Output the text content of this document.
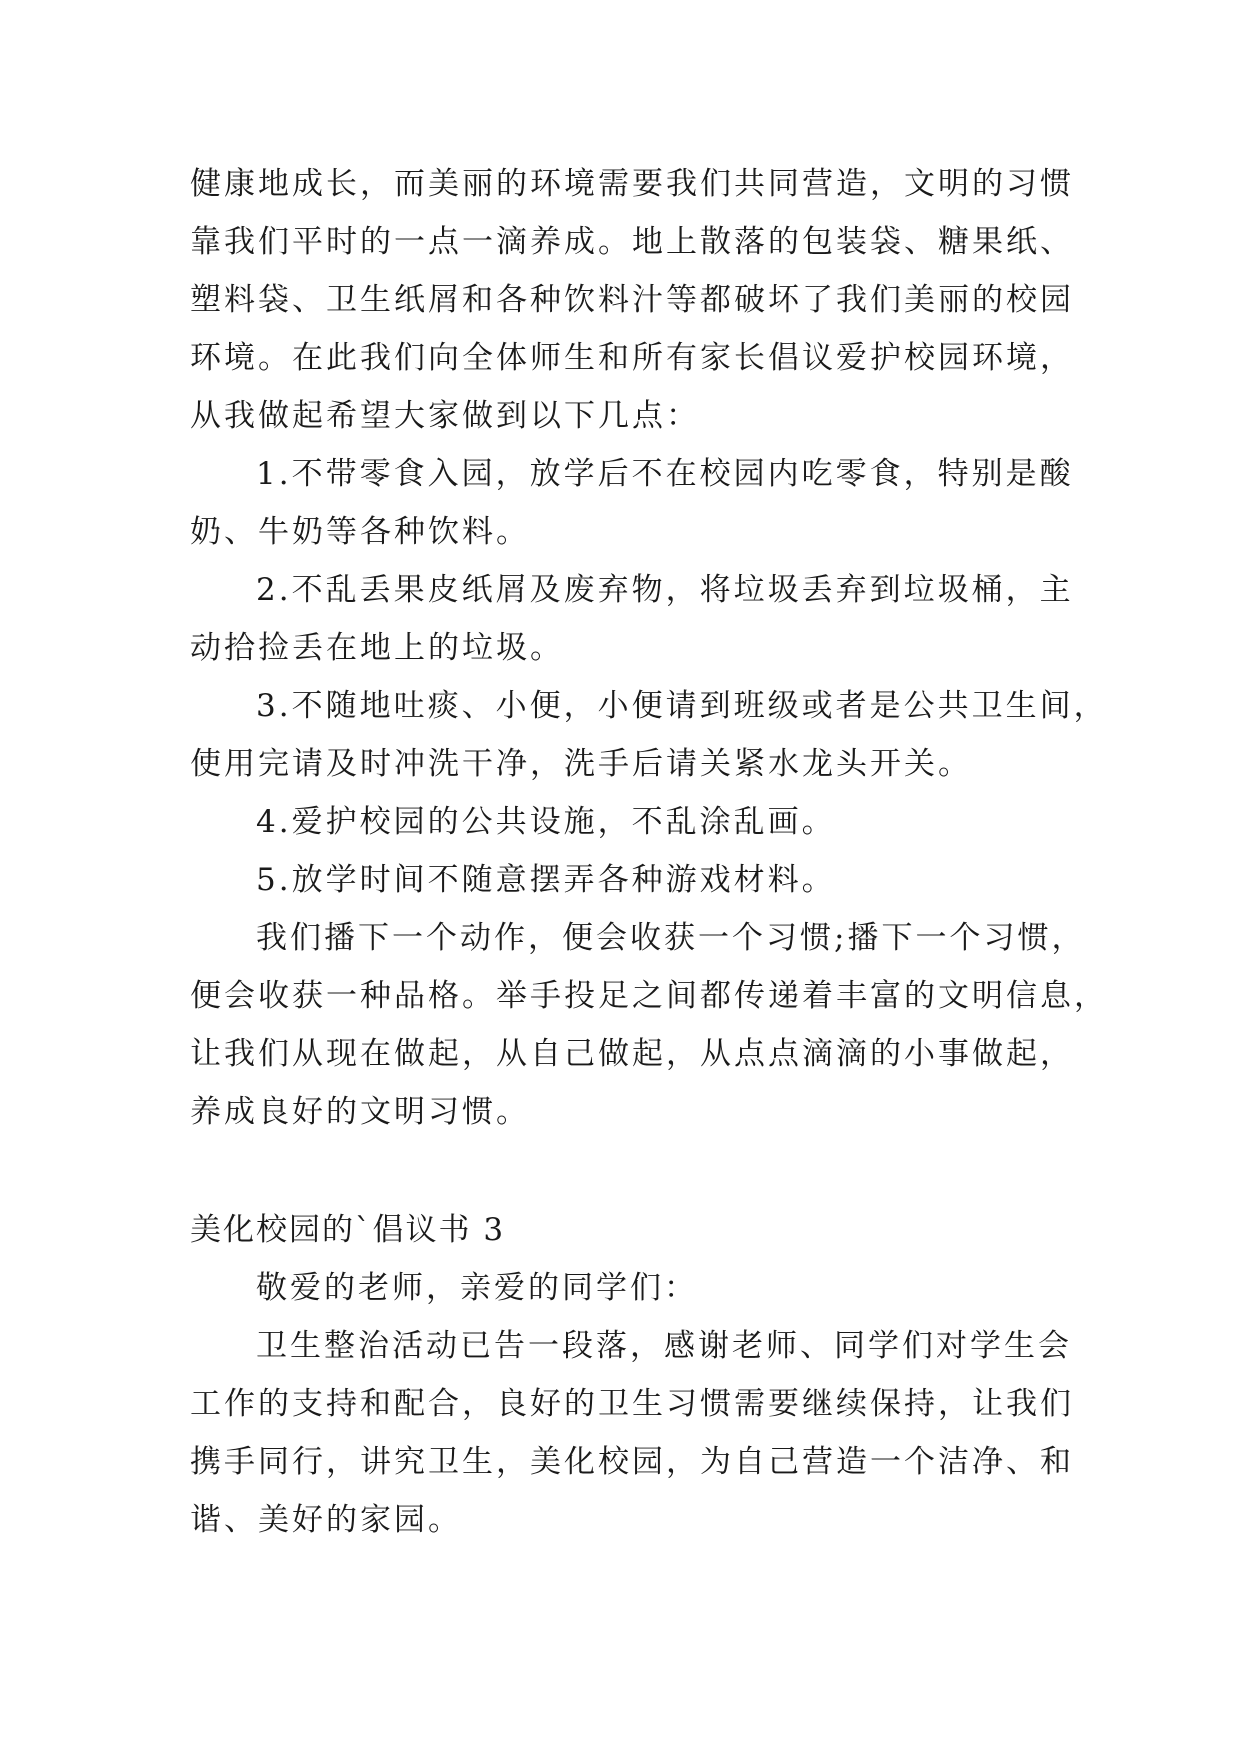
健康地成长，而美丽的环境需要我们共同营造，文明的习惯
靠我们平时的一点一滴养成。地上散落的包装袋、糖果纸、
塑料袋、卫生纸屑和各种饮料汁等都破坏了我们美丽的校园
环境。在此我们向全体师生和所有家长倡议爱护校园环境，
从我做起希望大家做到以下几点：
1.不带零食入园，放学后不在校园内吃零食，特别是酸
奶、牛奶等各种饮料。
2.不乱丢果皮纸屑及废弃物，将垃圾丢弃到垃圾桶，主
动拾捡丢在地上的垃圾。
3.不随地吐痰、小便，小便请到班级或者是公共卫生间，
使用完请及时冲洗干净，洗手后请关紧水龙头开关。
4.爱护校园的公共设施，不乱涂乱画。
5.放学时间不随意摆弄各种游戏材料。
我们播下一个动作，便会收获一个习惯;播下一个习惯，
便会收获一种品格。举手投足之间都传递着丰富的文明信息，
让我们从现在做起，从自己做起，从点点滴滴的小事做起，
养成良好的文明习惯。
美化校园的`倡议书 3
敬爱的老师，亲爱的同学们：
卫生整治活动已告一段落，感谢老师、同学们对学生会
工作的支持和配合，良好的卫生习惯需要继续保持，让我们
携手同行，讲究卫生，美化校园，为自己营造一个洁净、和
谐、美好的家园。
